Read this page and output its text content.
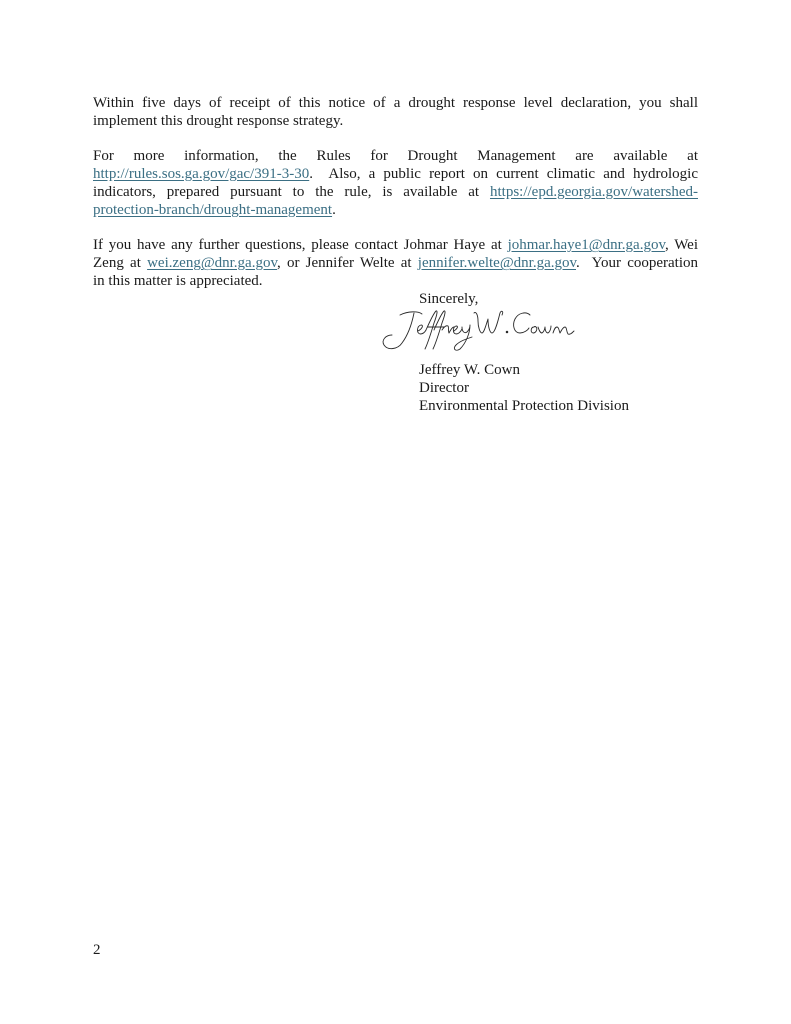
Within five days of receipt of this notice of a drought response level declaration, you shall
implement this drought response strategy.
For more information, the Rules for Drought Management are available at
http://rules.sos.ga.gov/gac/391-3-30.  Also, a public report on current climatic and hydrologic
indicators, prepared pursuant to the rule, is available at https://epd.georgia.gov/watershed-
protection-branch/drought-management.
If you have any further questions, please contact Johmar Haye at johmar.haye1@dnr.ga.gov, Wei
Zeng at wei.zeng@dnr.ga.gov, or Jennifer Welte at jennifer.welte@dnr.ga.gov.  Your cooperation
in this matter is appreciated.
Sincerely,
Jeffrey W. Cown
Director
Environmental Protection Division
2
